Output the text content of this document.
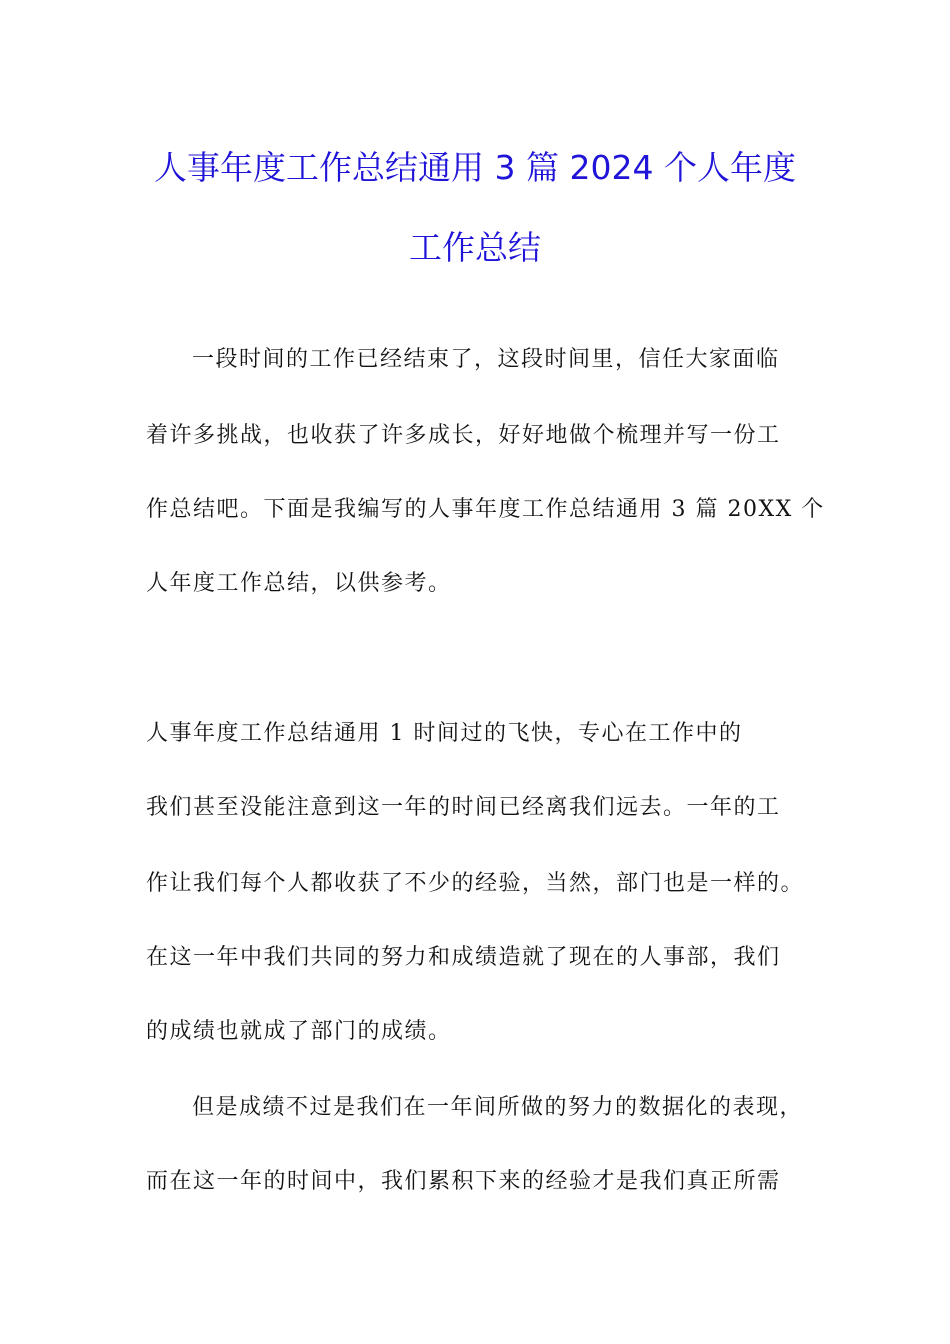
人事年度工作总结通用 3 篇 2024 个人年度
工作总结
一段时间的工作已经结束了，这段时间里，信任大家面临
着许多挑战，也收获了许多成长，好好地做个梳理并写一份工
作总结吧。下面是我编写的人事年度工作总结通用 3 篇 20XX 个
人年度工作总结，以供参考。
人事年度工作总结通用 1 时间过的飞快，专心在工作中的
我们甚至没能注意到这一年的时间已经离我们远去。一年的工
作让我们每个人都收获了不少的经验，当然，部门也是一样的。
在这一年中我们共同的努力和成绩造就了现在的人事部，我们
的成绩也就成了部门的成绩。
但是成绩不过是我们在一年间所做的努力的数据化的表现，
而在这一年的时间中，我们累积下来的经验才是我们真正所需
